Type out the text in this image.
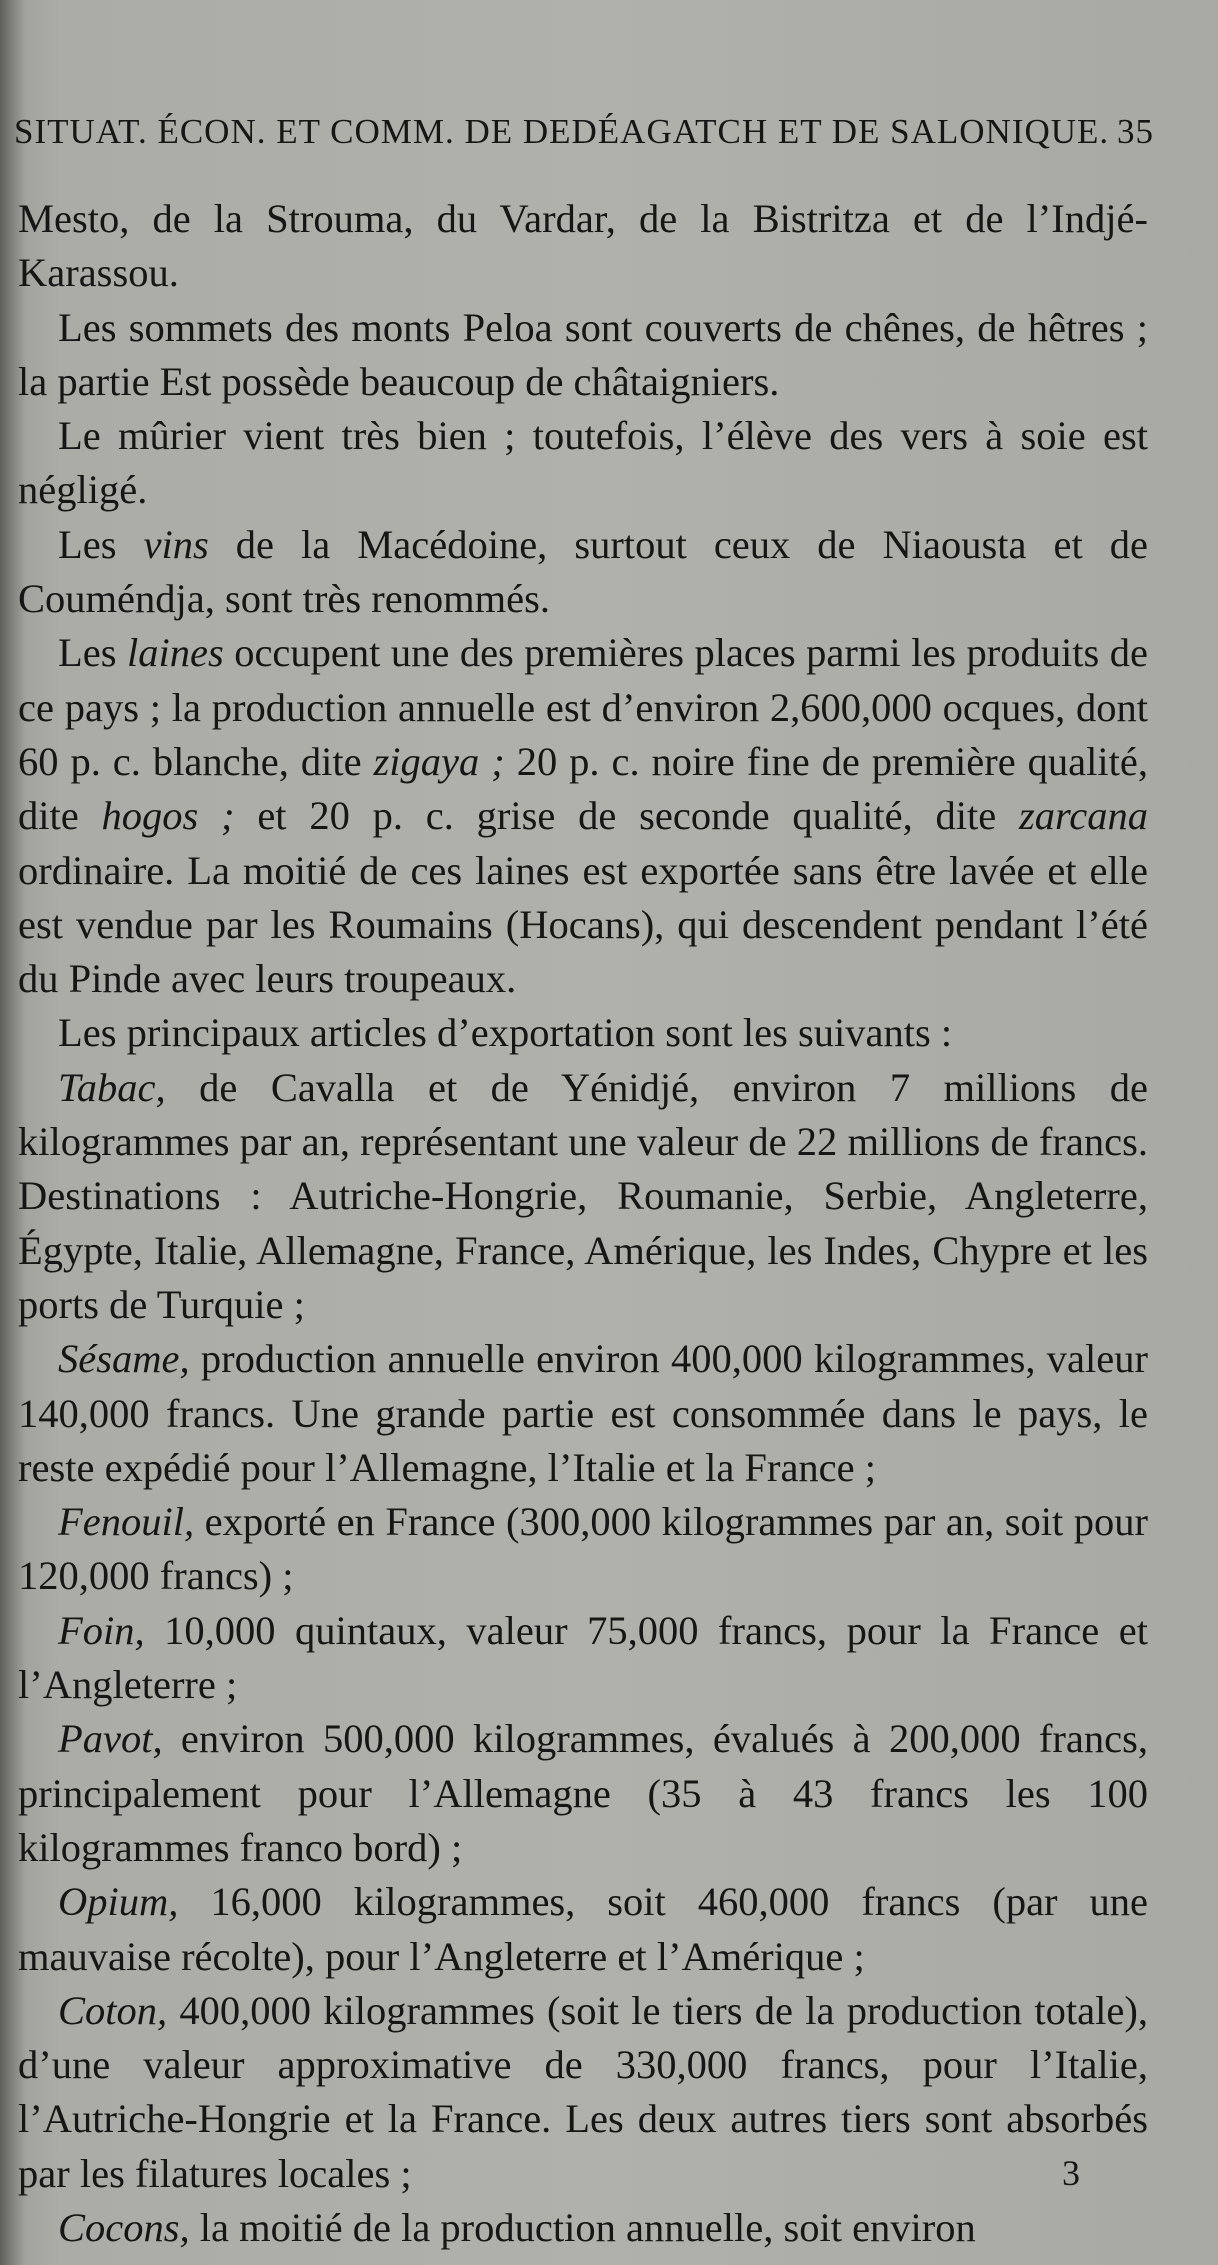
SITUAT. ÉCON. ET COMM. DE DEDÉAGATCH ET DE SALONIQUE. 35

Mesto, de la Strouma, du Vardar, de la Bistritza et de l’Indjé-Karassou.

Les sommets des monts Peloa sont couverts de chênes, de hêtres ; la partie Est possède beaucoup de châtaigniers.

Le mûrier vient très bien ; toutefois, l’élève des vers à soie est négligé.

Les vins de la Macédoine, surtout ceux de Niaousta et de Couméndja, sont très renommés.

Les laines occupent une des premières places parmi les produits de ce pays ; la production annuelle est d’environ 2,600,000 ocques, dont 60 p. c. blanche, dite zigaya ; 20 p. c. noire fine de première qualité, dite hogos ; et 20 p. c. grise de seconde qualité, dite zarcana ordinaire. La moitié de ces laines est exportée sans être lavée et elle est vendue par les Roumains (Hocans), qui descendent pendant l’été du Pinde avec leurs troupeaux.

Les principaux articles d’exportation sont les suivants :

Tabac, de Cavalla et de Yénidjé, environ 7 millions de kilogrammes par an, représentant une valeur de 22 millions de francs. Destinations : Autriche-Hongrie, Roumanie, Serbie, Angleterre, Égypte, Italie, Allemagne, France, Amérique, les Indes, Chypre et les ports de Turquie ;

Sésame, production annuelle environ 400,000 kilogrammes, valeur 140,000 francs. Une grande partie est consommée dans le pays, le reste expédié pour l’Allemagne, l’Italie et la France ;

Fenouil, exporté en France (300,000 kilogrammes par an, soit pour 120,000 francs) ;

Foin, 10,000 quintaux, valeur 75,000 francs, pour la France et l’Angleterre ;

Pavot, environ 500,000 kilogrammes, évalués à 200,000 francs, principalement pour l’Allemagne (35 à 43 francs les 100 kilogrammes franco bord) ;

Opium, 16,000 kilogrammes, soit 460,000 francs (par une mauvaise récolte), pour l’Angleterre et l’Amérique ;

Coton, 400,000 kilogrammes (soit le tiers de la production totale), d’une valeur approximative de 330,000 francs, pour l’Italie, l’Autriche-Hongrie et la France. Les deux autres tiers sont absorbés par les filatures locales ;

Cocons, la moitié de la production annuelle, soit environ

3
